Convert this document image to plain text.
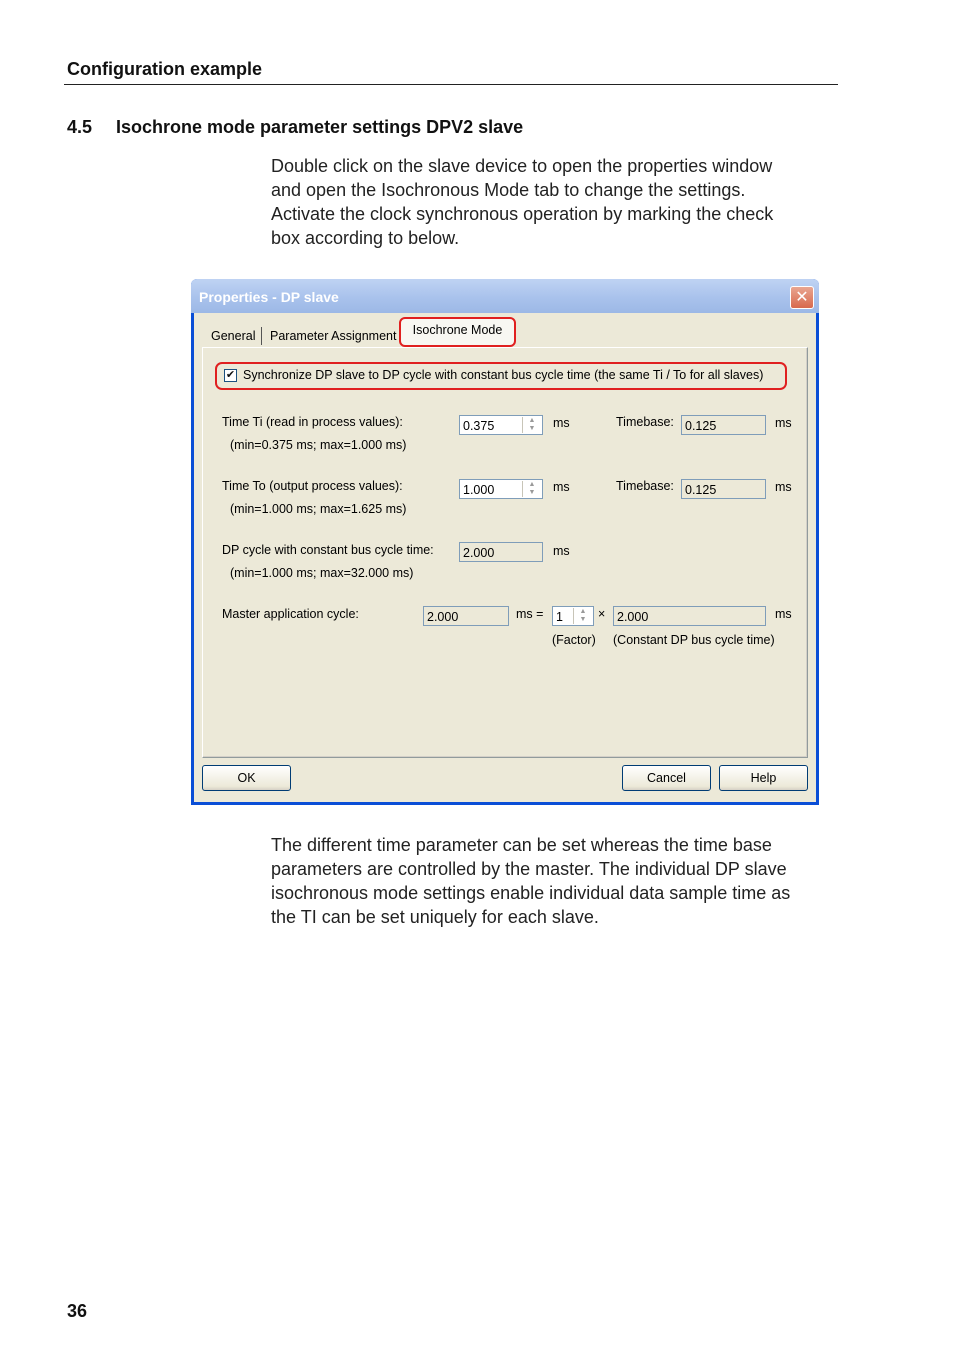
Configuration example
4.5 Isochrone mode parameter settings DPV2 slave

Double click on the slave device to open the properties window

and open the Isochronous Mode tab to change the settings.

Activate the clock synchronous operation by marking the check

box according to below.

Properties - DP slave	✕
General Parameter Assignment	Isochrone Mode
✔ Synchronize DP slave to DP cycle with constant bus cycle time (the same Ti / To for all slaves)
Time Ti (read in process values):
(min=0.375 ms; max=1.000 ms)
0.375	▲
▼	ms	Timebase: 0.125	ms
Time To (output process values):
(min=1.000 ms; max=1.625 ms)
1.000	▲
▼	ms	Timebase: 0.125	ms
DP cycle with constant bus cycle time:
(min=1.000 ms; max=32.000 ms)
2.000	ms
Master application cycle:	2.000	ms =	1	▲
▼ × 2.000	ms
(Factor) (Constant DP bus cycle time)
OK	Cancel	Help

The different time parameter can be set whereas the time base

parameters are controlled by the master. The individual DP slave

isochronous mode settings enable individual data sample time as

the TI can be set uniquely for each slave.

36
